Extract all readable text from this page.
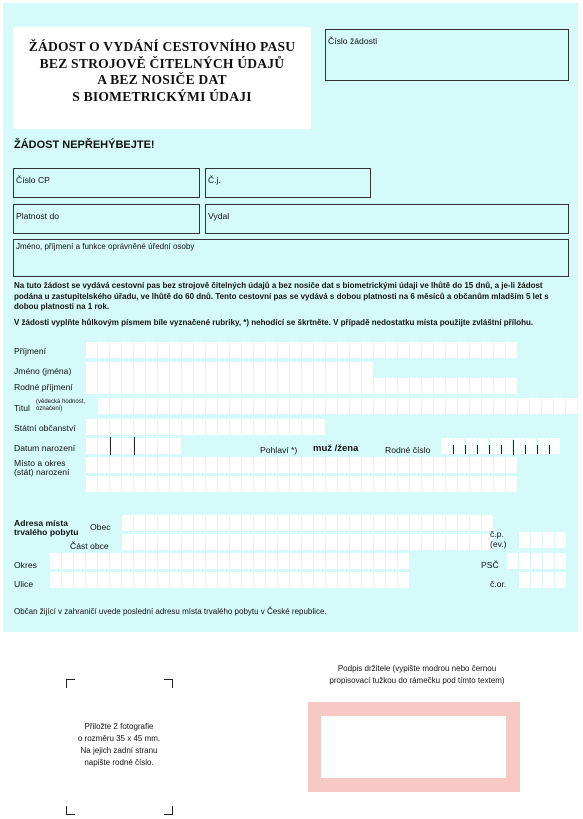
ŽÁDOST O VYDÁNÍ CESTOVNÍHO PASU
BEZ STROJOVĚ ČITELNÝCH ÚDAJŮ
A BEZ NOSIČE DAT
S BIOMETRICKÝMI ÚDAJI
Číslo žádosti
ŽÁDOST NEPŘEHÝBEJTE!
Číslo CP	Č.j.
Platnost do	Vydal
Jméno, příjmení a funkce oprávněné úřední osoby
Na tuto žádost se vydává cestovní pas bez strojově čitelných údajů a bez nosiče dat s biometrickými údaji ve lhůtě do 15 dnů, a je-li žádost podána u zastupitelského úřadu, ve lhůtě do 60 dnů. Tento cestovní pas se vydává s dobou platnosti na 6 měsíců a občanům mladším 5 let s dobou platnosti na 1 rok.
V žádosti vyplňte hůlkovým písmem bíle vyznačené rubriky, *) nehodící se škrtněte. V případě nedostatku místa použijte zvláštní přílohu.
Příjmení
Jméno (jména)
Rodné příjmení
Titul
(vědecká hodnost, označení)
Státní občanství
Datum narození	Pohlaví *) muž /žena	Rodné číslo
Místo a okres
(stát) narození
Adresa místa
trvalého pobytu Obec
Část obce
č.p.
(ev.)
Okres	PSČ
Ulice	č.or.
Občan žijící v zahraničí uvede poslední adresu místa trvalého pobytu v České republice.
Přiložte 2 fotografie
o rozměru 35 x 45 mm.
Na jejich zadní stranu
napište rodné číslo.
Podpis držitele (vypište modrou nebo černou
propisovací tužkou do rámečku pod tímto textem)
